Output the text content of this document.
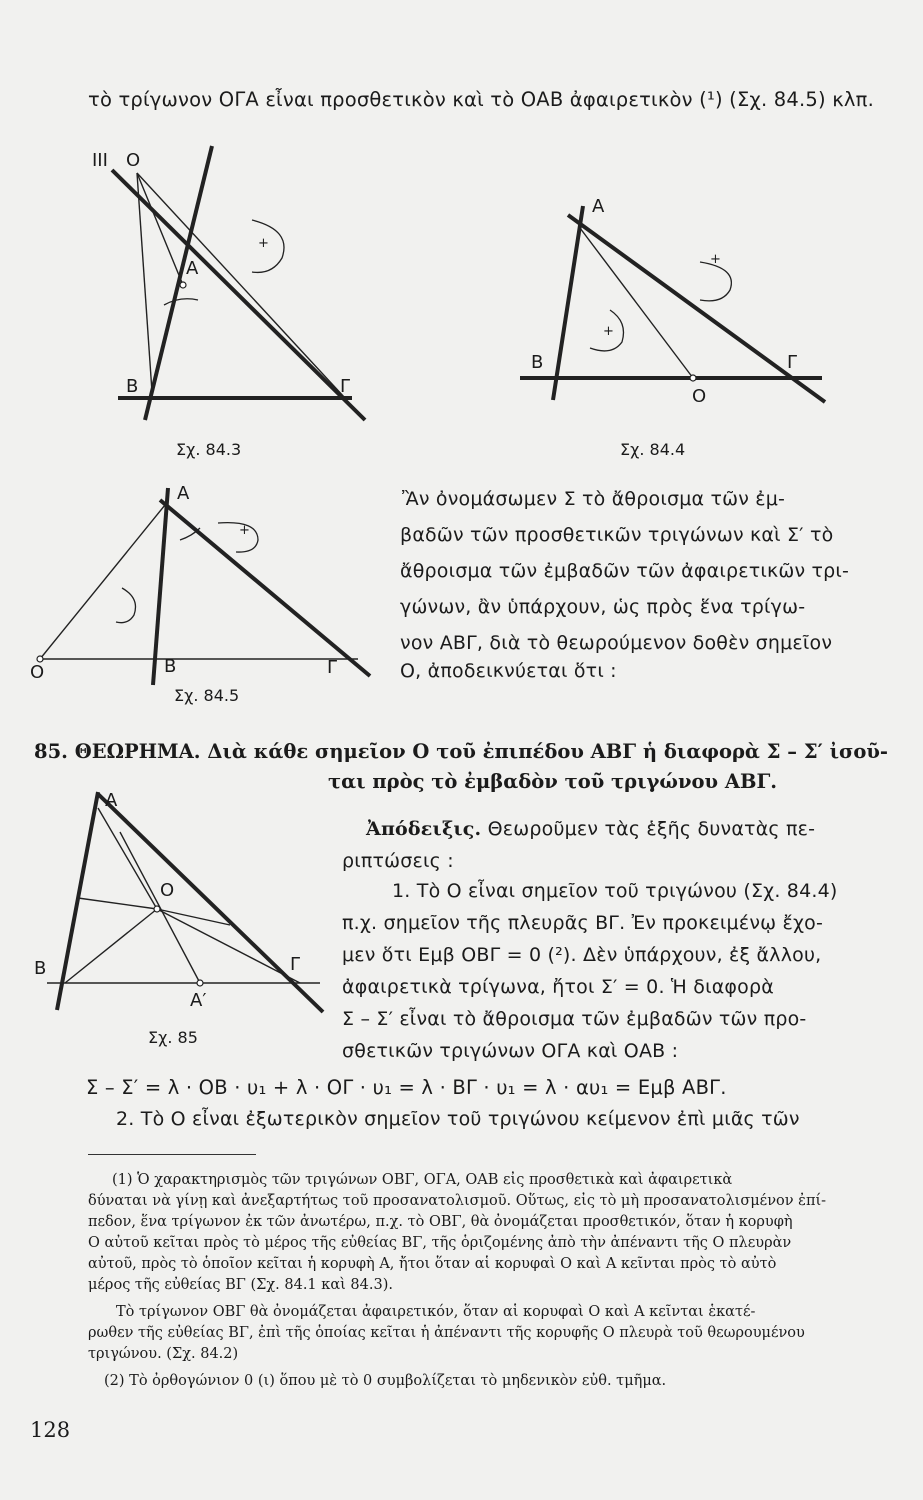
τὸ τρίγωνον ΟΓΑ εἶναι προσθετικὸν καὶ τὸ ΟΑΒ ἀφαιρετικὸν (¹) (Σχ. 84.5) κλπ.
III Ο
Α
Β	Γ
+
Σχ. 84.3
Α
Β	Γ
Ο
+
+
Σχ. 84.4
Α
Ο	Β	Γ
+
Σχ. 84.5
Ἂν ὀνομάσωμεν Σ τὸ ἄθροισμα τῶν ἐμ-
βαδῶν τῶν προσθετικῶν τριγώνων καὶ Σ′ τὸ
ἄθροισμα τῶν ἐμβαδῶν τῶν ἀφαιρετικῶν τρι-
γώνων, ἂν ὑπάρχουν, ὡς πρὸς ἕνα τρίγω-
νον ΑΒΓ, διὰ τὸ θεωρούμενον δοθὲν σημεῖον
Ο, ἀποδεικνύεται ὅτι :
85. ΘΕΩΡΗΜΑ. Διὰ κάθε σημεῖον Ο τοῦ ἐπιπέδου ΑΒΓ ἡ διαφορὰ Σ – Σ′ ἰσοῦ-
ται πρὸς τὸ ἐμβαδὸν τοῦ τριγώνου ΑΒΓ.
Α
Ο
Β	Γ
Α′
Σχ. 85
Ἀπόδειξις. Θεωροῦμεν τὰς ἑξῆς δυνατὰς πε-
ριπτώσεις :
1. Τὸ Ο εἶναι σημεῖον τοῦ τριγώνου (Σχ. 84.4)
π.χ. σημεῖον τῆς πλευρᾶς ΒΓ. Ἐν προκειμένῳ ἔχο-
μεν ὅτι Εμβ ΟΒΓ = 0 (²). Δὲν ὑπάρχουν, ἐξ ἄλλου,
ἀφαιρετικὰ τρίγωνα, ἤτοι Σ′ = 0. Ἡ διαφορὰ
Σ – Σ′ εἶναι τὸ ἄθροισμα τῶν ἐμβαδῶν τῶν προ-
σθετικῶν τριγώνων ΟΓΑ καὶ ΟΑΒ :
Σ – Σ′ = λ · ΟΒ · υ₁ + λ · ΟΓ · υ₁ = λ · ΒΓ · υ₁ = λ · αυ₁ = Εμβ ΑΒΓ.
2. Τὸ Ο εἶναι ἐξωτερικὸν σημεῖον τοῦ τριγώνου κείμενον ἐπὶ μιᾶς τῶν
(1) Ὁ χαρακτηρισμὸς τῶν τριγώνων ΟΒΓ, ΟΓΑ, ΟΑΒ εἰς προσθετικὰ καὶ ἀφαιρετικὰ
δύναται νὰ γίνῃ καὶ ἀνεξαρτήτως τοῦ προσανατολισμοῦ. Οὕτως, εἰς τὸ μὴ προσανατολισμένον ἐπί-
πεδον, ἕνα τρίγωνον ἐκ τῶν ἀνωτέρω, π.χ. τὸ ΟΒΓ, θὰ ὀνομάζεται προσθετικόν, ὅταν ἡ κορυφὴ
Ο αὐτοῦ κεῖται πρὸς τὸ μέρος τῆς εὐθείας ΒΓ, τῆς ὁριζομένης ἀπὸ τὴν ἀπέναντι τῆς Ο πλευρὰν
αὐτοῦ, πρὸς τὸ ὁποῖον κεῖται ἡ κορυφὴ Α, ἤτοι ὅταν αἱ κορυφαὶ Ο καὶ Α κεῖνται πρὸς τὸ αὐτὸ
μέρος τῆς εὐθείας ΒΓ (Σχ. 84.1 καὶ 84.3).
Τὸ τρίγωνον ΟΒΓ θὰ ὀνομάζεται ἀφαιρετικόν, ὅταν αἱ κορυφαὶ Ο καὶ Α κεῖνται ἑκατέ-
ρωθεν τῆς εὐθείας ΒΓ, ἐπὶ τῆς ὁποίας κεῖται ἡ ἀπέναντι τῆς κορυφῆς Ο πλευρὰ τοῦ θεωρουμένου
τριγώνου. (Σχ. 84.2)
(2) Τὸ ὀρθογώνιον 0 (ι) ὅπου μὲ τὸ 0 συμβολίζεται τὸ μηδενικὸν εὐθ. τμῆμα.
128
